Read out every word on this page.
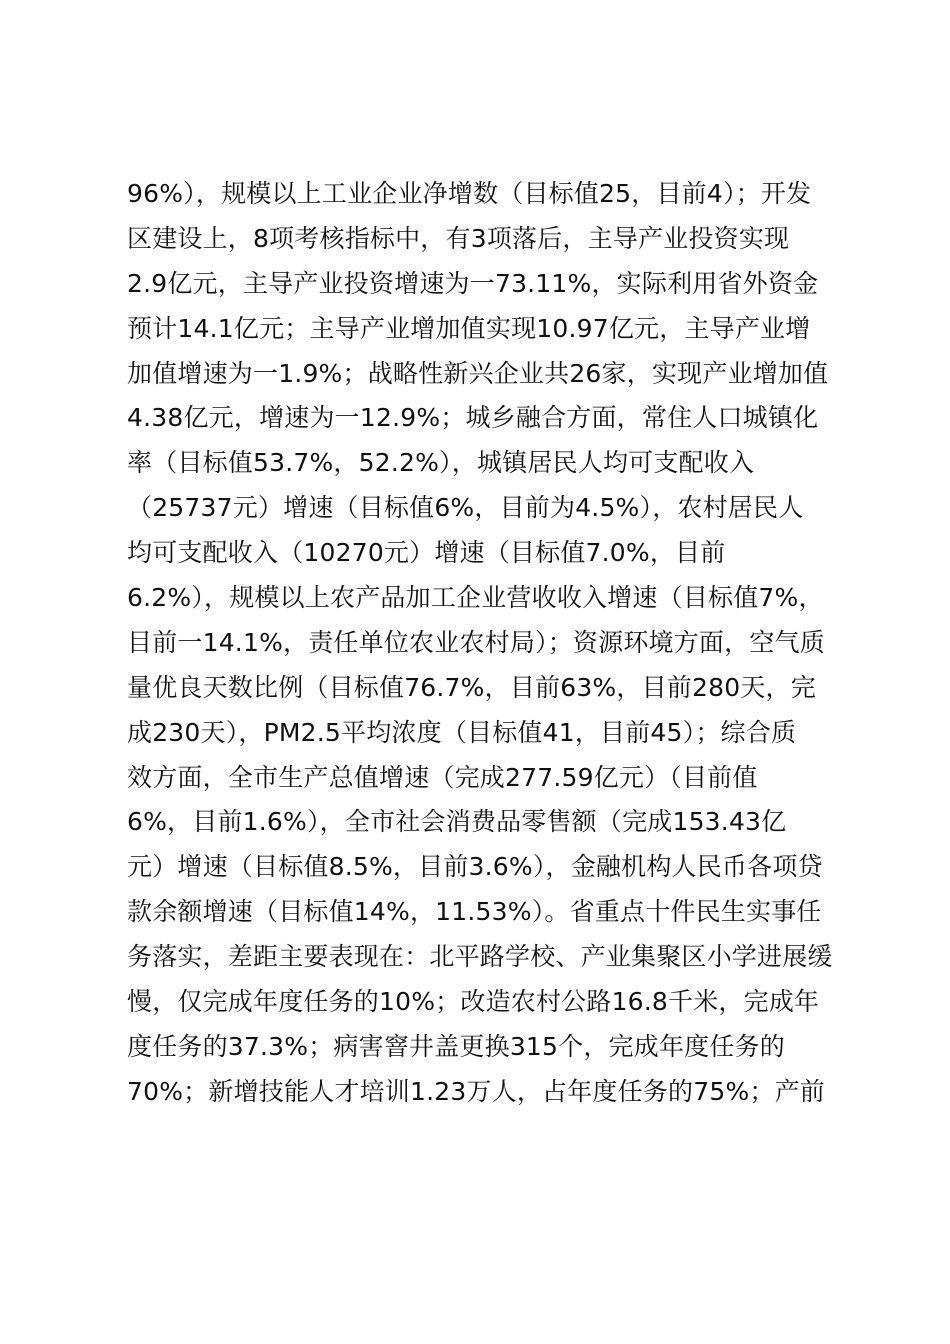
96%），规模以上工业企业净增数（目标值25，目前4）；开发
区建设上，8项考核指标中，有3项落后，主导产业投资实现
2.9亿元，主导产业投资增速为一73.11%，实际利用省外资金
预计14.1亿元；主导产业增加值实现10.97亿元，主导产业增
加值增速为一1.9%；战略性新兴企业共26家，实现产业增加值
4.38亿元，增速为一12.9%；城乡融合方面，常住人口城镇化
率（目标值53.7%，52.2%），城镇居民人均可支配收入
（25737元）增速（目标值6%，目前为4.5%），农村居民人
均可支配收入（10270元）增速（目标值7.0%，目前
6.2%），规模以上农产品加工企业营收收入增速（目标值7%，
目前一14.1%，责任单位农业农村局）；资源环境方面，空气质
量优良天数比例（目标值76.7%，目前63%，目前280天，完
成230天），PM2.5平均浓度（目标值41，目前45）；综合质
效方面，全市生产总值增速（完成277.59亿元）（目前值
6%，目前1.6%），全市社会消费品零售额（完成153.43亿
元）增速（目标值8.5%，目前3.6%），金融机构人民币各项贷
款余额增速（目标值14%，11.53%）。省重点十件民生实事任
务落实，差距主要表现在：北平路学校、产业集聚区小学进展缓
慢，仅完成年度任务的10%；改造农村公路16.8千米，完成年
度任务的37.3%；病害窨井盖更换315个，完成年度任务的
70%；新增技能人才培训1.23万人，占年度任务的75%；产前
